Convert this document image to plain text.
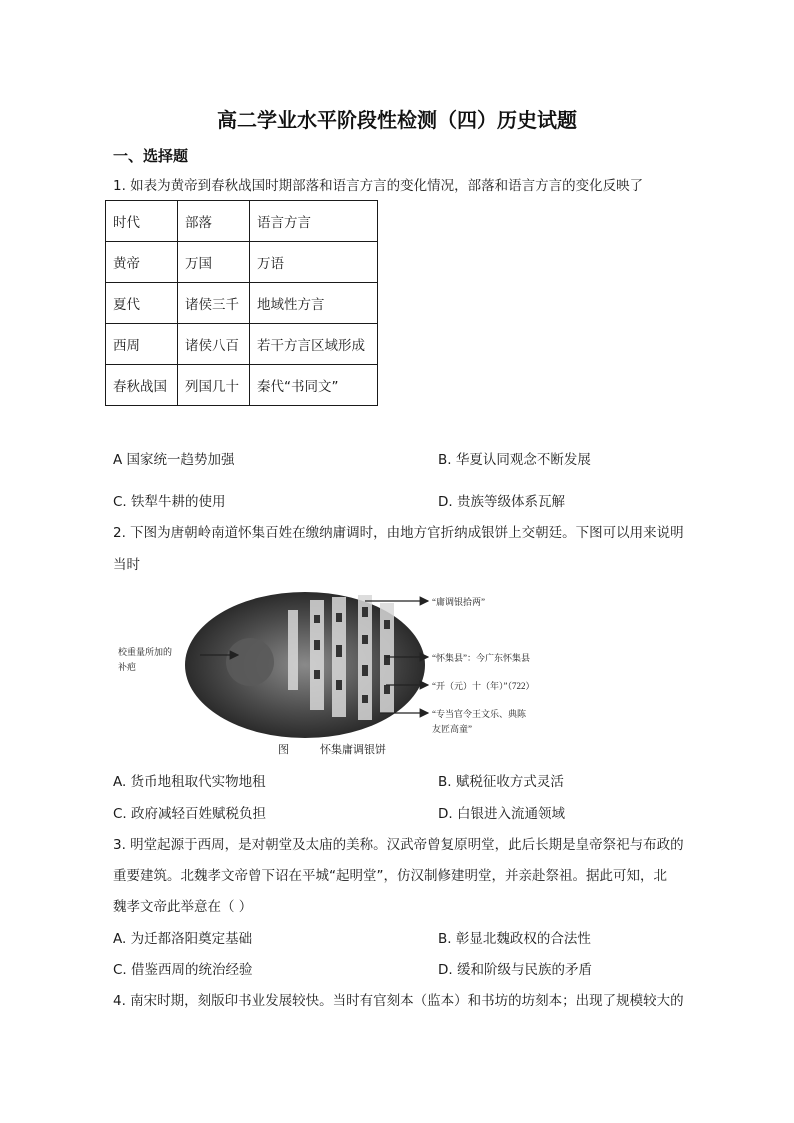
高二学业水平阶段性检测（四）历史试题
一、选择题
1. 如表为黄帝到春秋战国时期部落和语言方言的变化情况，部落和语言方言的变化反映了
时代	部落	语言方言
黄帝	万国	万语
夏代	诸侯三千	地域性方言
西周	诸侯八百	若干方言区域形成
春秋战国	列国几十	秦代“书同文”
A 国家统一趋势加强	B. 华夏认同观念不断发展
C. 铁犁牛耕的使用	D. 贵族等级体系瓦解
2. 下图为唐朝岭南道怀集百姓在缴纳庸调时，由地方官折纳成银饼上交朝廷。下图可以用来说明
当时
校重量所加的
补疤
“庸调银拾两”
“怀集县”：今广东怀集县
“开（元）十（年）”（722）
“专当官令王文乐、典陈
友匠高童”
图	怀集庸调银饼
A. 货币地租取代实物地租	B. 赋税征收方式灵活
C. 政府减轻百姓赋税负担	D. 白银进入流通领域
3. 明堂起源于西周，是对朝堂及太庙的美称。汉武帝曾复原明堂，此后长期是皇帝祭祀与布政的
重要建筑。北魏孝文帝曾下诏在平城“起明堂”，仿汉制修建明堂，并亲赴祭祖。据此可知，北
魏孝文帝此举意在（ ）
A. 为迁都洛阳奠定基础	B. 彰显北魏政权的合法性
C. 借鉴西周的统治经验	D. 缓和阶级与民族的矛盾
4. 南宋时期，刻版印书业发展较快。当时有官刻本（监本）和书坊的坊刻本；出现了规模较大的
